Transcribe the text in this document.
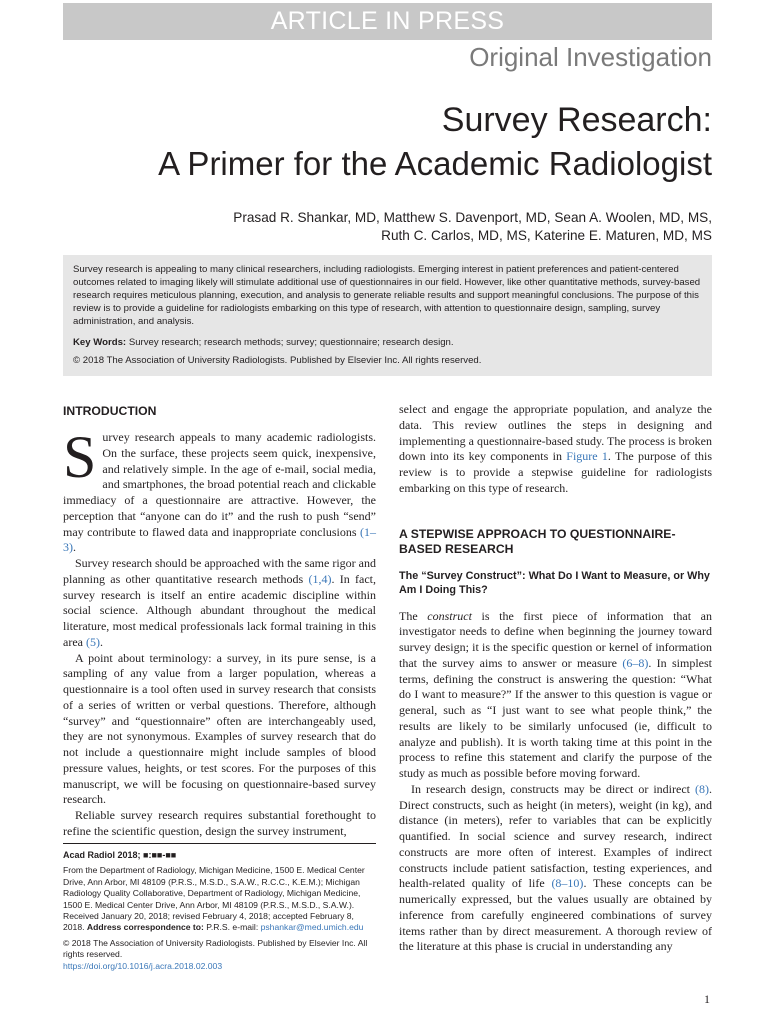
ARTICLE IN PRESS
Original Investigation
Survey Research:
A Primer for the Academic Radiologist
Prasad R. Shankar, MD, Matthew S. Davenport, MD, Sean A. Woolen, MD, MS,
Ruth C. Carlos, MD, MS, Katerine E. Maturen, MD, MS
Survey research is appealing to many clinical researchers, including radiologists. Emerging interest in patient preferences and patient-centered outcomes related to imaging likely will stimulate additional use of questionnaires in our field. However, like other quantitative methods, survey-based research requires meticulous planning, execution, and analysis to generate reliable results and support meaningful conclusions. The purpose of this review is to provide a guideline for radiologists embarking on this type of research, with attention to questionnaire design, sampling, survey administration, and analysis.
Key Words: Survey research; research methods; survey; questionnaire; research design.
© 2018 The Association of University Radiologists. Published by Elsevier Inc. All rights reserved.
INTRODUCTION
Survey research appeals to many academic radiologists. On the surface, these projects seem quick, inexpensive, and relatively simple. In the age of e-mail, social media, and smartphones, the broad potential reach and clickable immediacy of a questionnaire are attractive. However, the perception that “anyone can do it” and the rush to push “send” may contribute to flawed data and inappropriate conclusions (1–3).
Survey research should be approached with the same rigor and planning as other quantitative research methods (1,4). In fact, survey research is itself an entire academic discipline within social science. Although abundant throughout the medical literature, most medical professionals lack formal training in this area (5).
A point about terminology: a survey, in its pure sense, is a sampling of any value from a larger population, whereas a questionnaire is a tool often used in survey research that consists of a series of written or verbal questions. Therefore, although “survey” and “questionnaire” often are interchangeably used, they are not synonymous. Examples of survey research that do not include a questionnaire might include samples of blood pressure values, heights, or test scores. For the purposes of this manuscript, we will be focusing on questionnaire-based survey research.
Reliable survey research requires substantial forethought to refine the scientific question, design the survey instrument,
Acad Radiol 2018; ■:■■-■■
From the Department of Radiology, Michigan Medicine, 1500 E. Medical Center Drive, Ann Arbor, MI 48109 (P.R.S., M.S.D., S.A.W., R.C.C., K.E.M.); Michigan Radiology Quality Collaborative, Department of Radiology, Michigan Medicine, 1500 E. Medical Center Drive, Ann Arbor, MI 48109 (P.R.S., M.S.D., S.A.W.). Received January 20, 2018; revised February 4, 2018; accepted February 8, 2018. Address correspondence to: P.R.S. e-mail: pshankar@med.umich.edu
© 2018 The Association of University Radiologists. Published by Elsevier Inc. All rights reserved.
https://doi.org/10.1016/j.acra.2018.02.003
select and engage the appropriate population, and analyze the data. This review outlines the steps in designing and implementing a questionnaire-based study. The process is broken down into its key components in Figure 1. The purpose of this review is to provide a stepwise guideline for radiologists embarking on this type of research.
A STEPWISE APPROACH TO QUESTIONNAIRE-BASED RESEARCH
The “Survey Construct”: What Do I Want to Measure, or Why Am I Doing This?
The construct is the first piece of information that an investigator needs to define when beginning the journey toward survey design; it is the specific question or kernel of information that the survey aims to answer or measure (6–8). In simplest terms, defining the construct is answering the question: “What do I want to measure?” If the answer to this question is vague or general, such as “I just want to see what people think,” the results are likely to be similarly unfocused (ie, difficult to analyze and publish). It is worth taking time at this point in the process to refine this statement and clarify the purpose of the study as much as possible before moving forward.
In research design, constructs may be direct or indirect (8). Direct constructs, such as height (in meters), weight (in kg), and distance (in meters), refer to variables that can be explicitly quantified. In social science and survey research, indirect constructs are more often of interest. Examples of indirect constructs include patient satisfaction, testing experiences, and health-related quality of life (8–10). These concepts can be numerically expressed, but the values usually are obtained by inference from carefully engineered combinations of survey items rather than by direct measurement. A thorough review of the literature at this phase is crucial in understanding any
1
